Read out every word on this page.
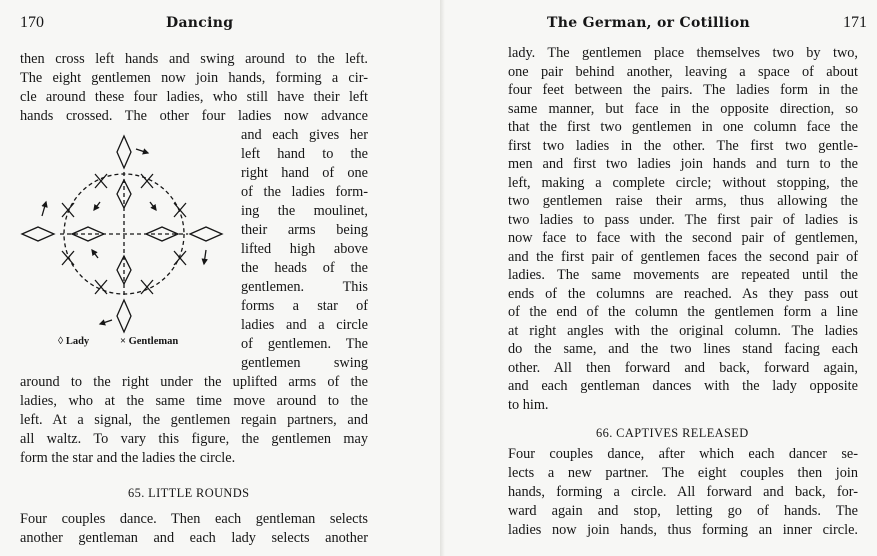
170	Dancing
then cross left hands and swing around to the left.
The eight gentlemen now join hands, forming a cir-
cle around these four ladies, who still have their left
hands crossed. The other four ladies now advance
and each gives her
left hand to the
right hand of one
of the ladies form-
ing the moulinet,
their arms being
lifted high above
the heads of the
gentlemen. This
forms a star of
ladies and a circle
of gentlemen. The
gentlemen swing
around to the right under the uplifted arms of the
ladies, who at the same time move around to the
left. At a signal, the gentlemen regain partners, and
all waltz. To vary this figure, the gentlemen may
form the star and the ladies the circle.
◊ Lady	× Gentleman
65. LITTLE ROUNDS
Four couples dance. Then each gentleman selects
another gentleman and each lady selects another
The German, or Cotillion	171
lady. The gentlemen place themselves two by two,
one pair behind another, leaving a space of about
four feet between the pairs. The ladies form in the
same manner, but face in the opposite direction, so
that the first two gentlemen in one column face the
first two ladies in the other. The first two gentle-
men and first two ladies join hands and turn to the
left, making a complete circle; without stopping, the
two gentlemen raise their arms, thus allowing the
two ladies to pass under. The first pair of ladies is
now face to face with the second pair of gentlemen,
and the first pair of gentlemen faces the second pair of
ladies. The same movements are repeated until the
ends of the columns are reached. As they pass out
of the end of the column the gentlemen form a line
at right angles with the original column. The ladies
do the same, and the two lines stand facing each
other. All then forward and back, forward again,
and each gentleman dances with the lady opposite
to him.
66. CAPTIVES RELEASED
Four couples dance, after which each dancer se-
lects a new partner. The eight couples then join
hands, forming a circle. All forward and back, for-
ward again and stop, letting go of hands. The
ladies now join hands, thus forming an inner circle.
